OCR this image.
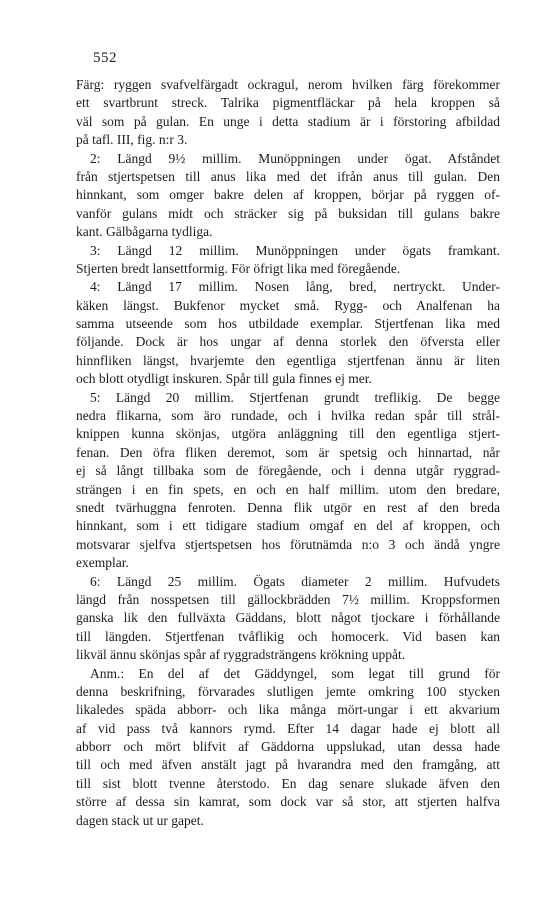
552
Färg: ryggen svafvelfärgadt ockragul, nerom hvilken färg förekommer
ett svartbrunt streck. Talrika pigmentfläckar på hela kroppen så
väl som på gulan. En unge i detta stadium är i förstoring afbildad
på tafl. III, fig. n:r 3.
2: Längd 9½ millim. Munöppningen under ögat. Afståndet
från stjertspetsen till anus lika med det ifrån anus till gulan. Den
hinnkant, som omger bakre delen af kroppen, börjar på ryggen of-
vanför gulans midt och sträcker sig på buksidan till gulans bakre
kant. Gälbågarna tydliga.
3: Längd 12 millim. Munöppningen under ögats framkant.
Stjerten bredt lansettformig. För öfrigt lika med föregående.
4: Längd 17 millim. Nosen lång, bred, nertryckt. Under-
käken längst. Bukfenor mycket små. Rygg- och Analfenan ha
samma utseende som hos utbildade exemplar. Stjertfenan lika med
följande. Dock är hos ungar af denna storlek den öfversta eller
hinnfliken längst, hvarjemte den egentliga stjertfenan ännu är liten
och blott otydligt inskuren. Spår till gula finnes ej mer.
5: Längd 20 millim. Stjertfenan grundt treflikig. De begge
nedra flikarna, som äro rundade, och i hvilka redan spår till strål-
knippen kunna skönjas, utgöra anläggning till den egentliga stjert-
fenan. Den öfra fliken deremot, som är spetsig och hinnartad, når
ej så långt tillbaka som de föregående, och i denna utgår ryggrad-
strängen i en fin spets, en och en half millim. utom den bredare,
snedt tvärhuggna fenroten. Denna flik utgör en rest af den breda
hinnkant, som i ett tidigare stadium omgaf en del af kroppen, och
motsvarar sjelfva stjertspetsen hos förutnämda n:o 3 och ändå yngre
exemplar.
6: Längd 25 millim. Ögats diameter 2 millim. Hufvudets
längd från nosspetsen till gällockbrädden 7½ millim. Kroppsformen
ganska lik den fullväxta Gäddans, blott något tjockare i förhållande
till längden. Stjertfenan tvåflikig och homocerk. Vid basen kan
likväl ännu skönjas spår af ryggradsträngens krökning uppåt.
Anm.: En del af det Gäddyngel, som legat till grund för
denna beskrifning, förvarades slutligen jemte omkring 100 stycken
likaledes späda abborr- och lika många mört-ungar i ett akvarium
af vid pass två kannors rymd. Efter 14 dagar hade ej blott all
abborr och mört blifvit af Gäddorna uppslukad, utan dessa hade
till och med äfven anstält jagt på hvarandra med den framgång, att
till sist blott tvenne återstodo. En dag senare slukade äfven den
större af dessa sin kamrat, som dock var så stor, att stjerten halfva
dagen stack ut ur gapet.
